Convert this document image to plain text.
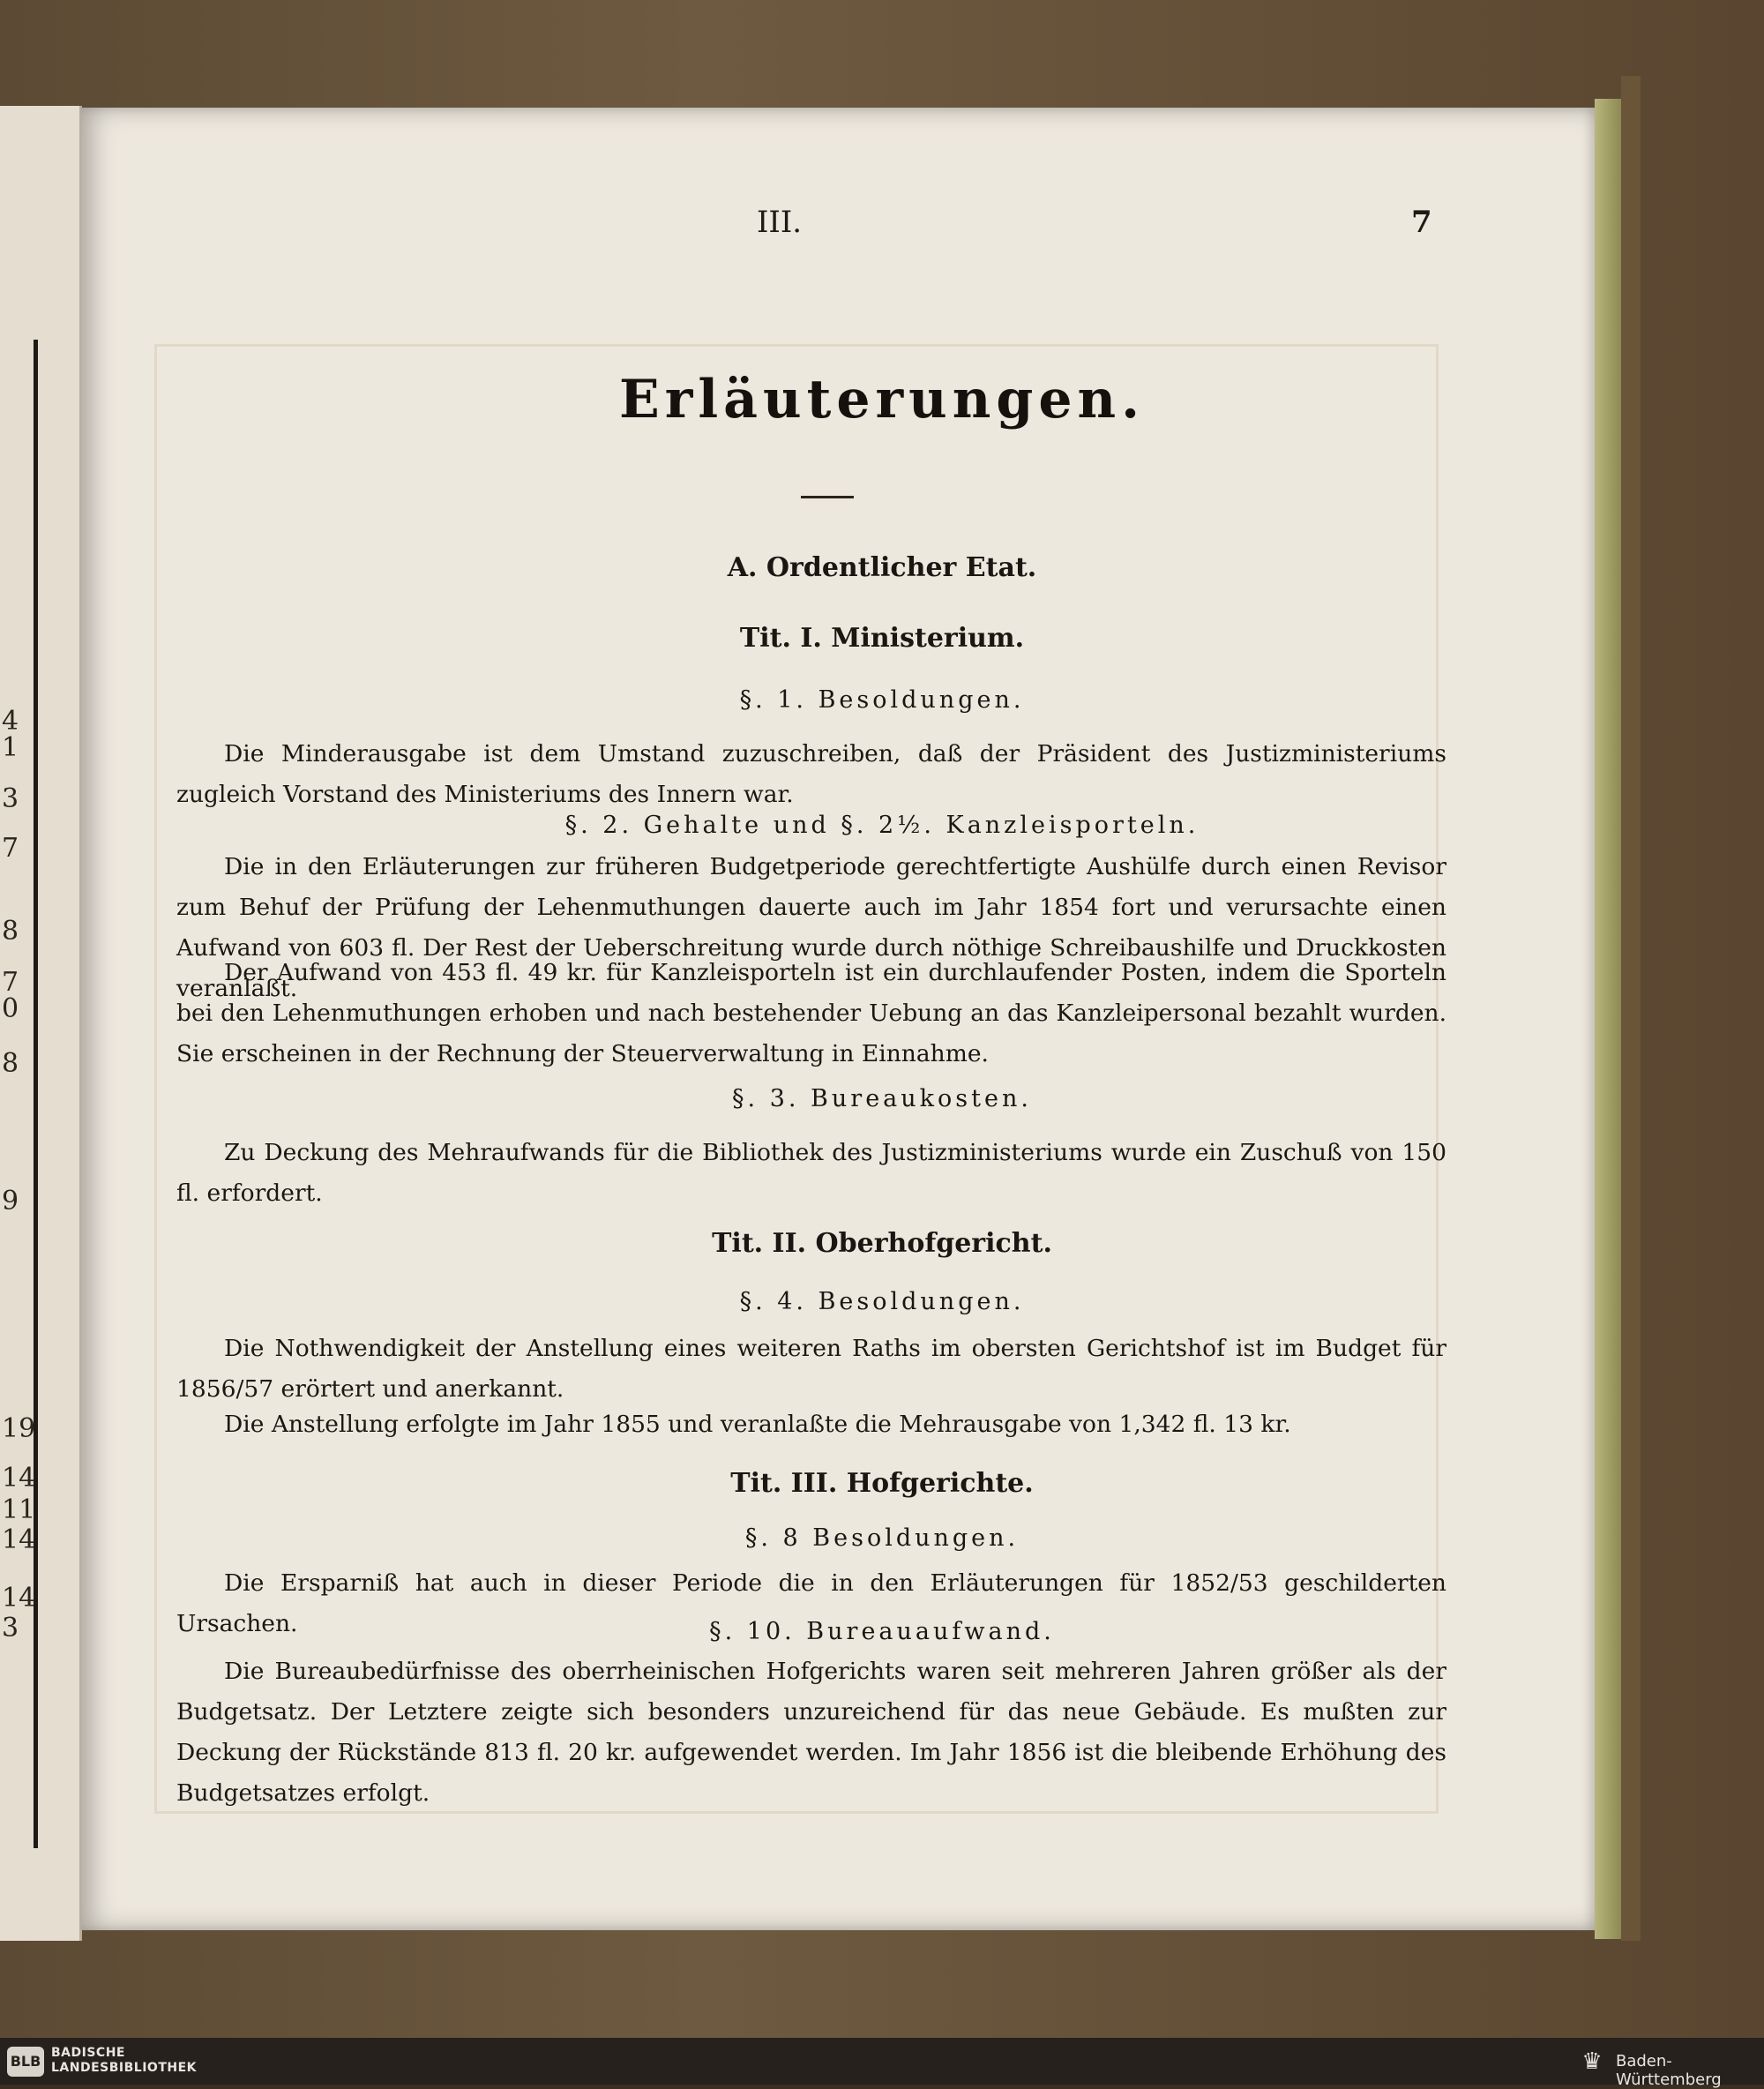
4
1
3
7
8
7
0
8
9
19
14
11
14
14
3
III.	7
Erläuterungen.
A. Ordentlicher Etat.
Tit. I. Ministerium.
§. 1. Besoldungen.
Die Minderausgabe ist dem Umstand zuzuschreiben, daß der Präsident des Justizministeriums zugleich Vorstand des Ministeriums des Innern war.
§. 2. Gehalte und §. 2½. Kanzleisporteln.
Die in den Erläuterungen zur früheren Budgetperiode gerechtfertigte Aushülfe durch einen Revisor zum Behuf der Prüfung der Lehenmuthungen dauerte auch im Jahr 1854 fort und verursachte einen Aufwand von 603 fl. Der Rest der Ueberschreitung wurde durch nöthige Schreibaushilfe und Druckkosten veranlaßt.
Der Aufwand von 453 fl. 49 kr. für Kanzleisporteln ist ein durchlaufender Posten, indem die Sporteln bei den Lehenmuthungen erhoben und nach bestehender Uebung an das Kanzleipersonal bezahlt wurden. Sie erscheinen in der Rechnung der Steuerverwaltung in Einnahme.
§. 3. Bureaukosten.
Zu Deckung des Mehraufwands für die Bibliothek des Justizministeriums wurde ein Zuschuß von 150 fl. erfordert.
Tit. II. Oberhofgericht.
§. 4. Besoldungen.
Die Nothwendigkeit der Anstellung eines weiteren Raths im obersten Gerichtshof ist im Budget für 1856/57 erörtert und anerkannt.
Die Anstellung erfolgte im Jahr 1855 und veranlaßte die Mehrausgabe von 1,342 fl. 13 kr.
Tit. III. Hofgerichte.
§. 8 Besoldungen.
Die Ersparniß hat auch in dieser Periode die in den Erläuterungen für 1852/53 geschilderten Ursachen.	§. 10. Bureauaufwand.
Die Bureaubedürfnisse des oberrheinischen Hofgerichts waren seit mehreren Jahren größer als der Budgetsatz. Der Letztere zeigte sich besonders unzureichend für das neue Gebäude. Es mußten zur Deckung der Rückstände 813 fl. 20 kr. aufgewendet werden. Im Jahr 1856 ist die bleibende Erhöhung des Budgetsatzes erfolgt.
BLB BADISCHE
LANDESBIBLIOTHEK	♛ Baden-Württemberg
